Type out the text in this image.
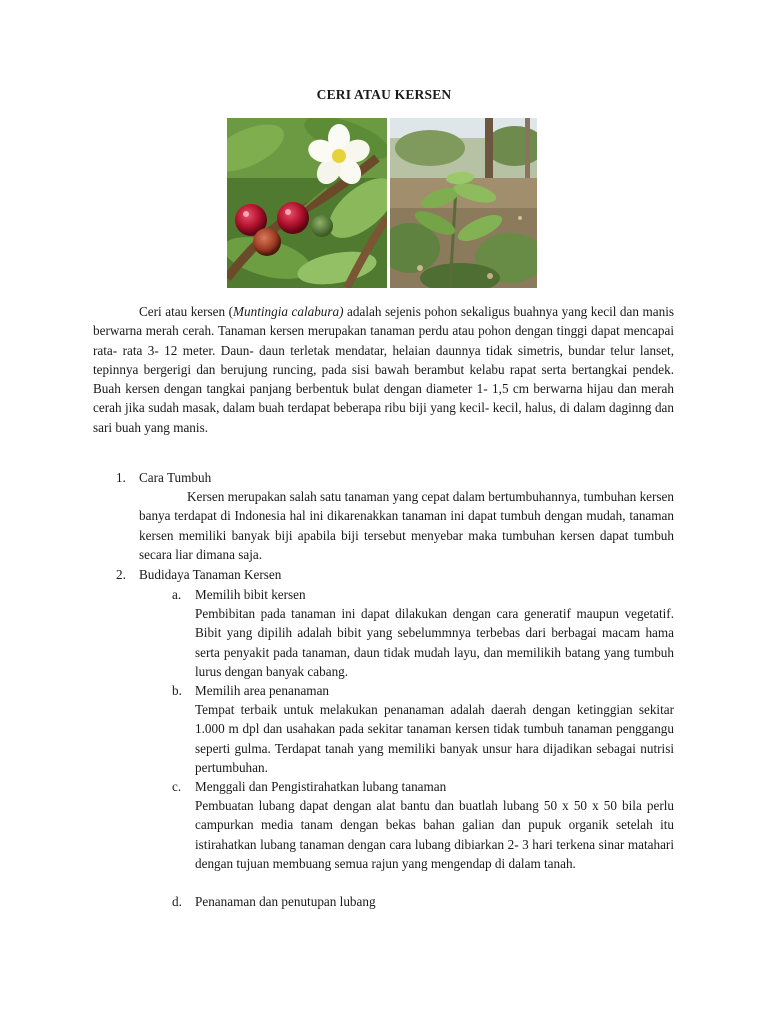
CERI ATAU KERSEN
Ceri atau kersen (Muntingia calabura) adalah sejenis pohon sekaligus buahnya yang kecil dan manis berwarna merah cerah. Tanaman kersen merupakan tanaman perdu atau pohon dengan tinggi dapat mencapai rata- rata 3- 12 meter. Daun- daun terletak mendatar, helaian daunnya tidak simetris, bundar telur lanset, tepinnya bergerigi dan berujung runcing, pada sisi bawah berambut kelabu rapat serta bertangkai pendek. Buah kersen dengan tangkai panjang berbentuk bulat dengan diameter 1- 1,5 cm berwarna hijau dan merah cerah jika sudah masak, dalam buah terdapat beberapa ribu biji yang kecil- kecil, halus, di dalam daginng dan sari buah yang manis.
1. Cara Tumbuh
Kersen merupakan salah satu tanaman yang cepat dalam bertumbuhannya, tumbuhan kersen banya terdapat di Indonesia hal ini dikarenakkan tanaman ini dapat tumbuh dengan mudah, tanaman kersen memiliki banyak biji apabila biji tersebut menyebar maka tumbuhan kersen dapat tumbuh secara liar dimana saja.
2. Budidaya Tanaman Kersen
a. Memilih bibit kersen
Pembibitan pada tanaman ini dapat dilakukan dengan cara generatif maupun vegetatif. Bibit yang dipilih adalah bibit yang sebelummnya terbebas dari berbagai macam hama serta penyakit pada tanaman, daun tidak mudah layu, dan memilikih batang yang tumbuh lurus dengan banyak cabang.
b. Memilih area penanaman
Tempat terbaik untuk melakukan penanaman adalah daerah dengan ketinggian sekitar 1.000 m dpl dan usahakan pada sekitar tanaman kersen tidak tumbuh tanaman penggangu seperti gulma. Terdapat tanah yang memiliki banyak unsur hara dijadikan sebagai nutrisi pertumbuhan.
c. Menggali dan Pengistirahatkan lubang tanaman
Pembuatan lubang dapat dengan alat bantu dan buatlah lubang 50 x 50 x 50 bila perlu campurkan media tanam dengan bekas bahan galian dan pupuk organik setelah itu istirahatkan lubang tanaman dengan cara lubang dibiarkan 2- 3 hari terkena sinar matahari dengan tujuan membuang semua rajun yang mengendap di dalam tanah.
d. Penanaman dan penutupan lubang
